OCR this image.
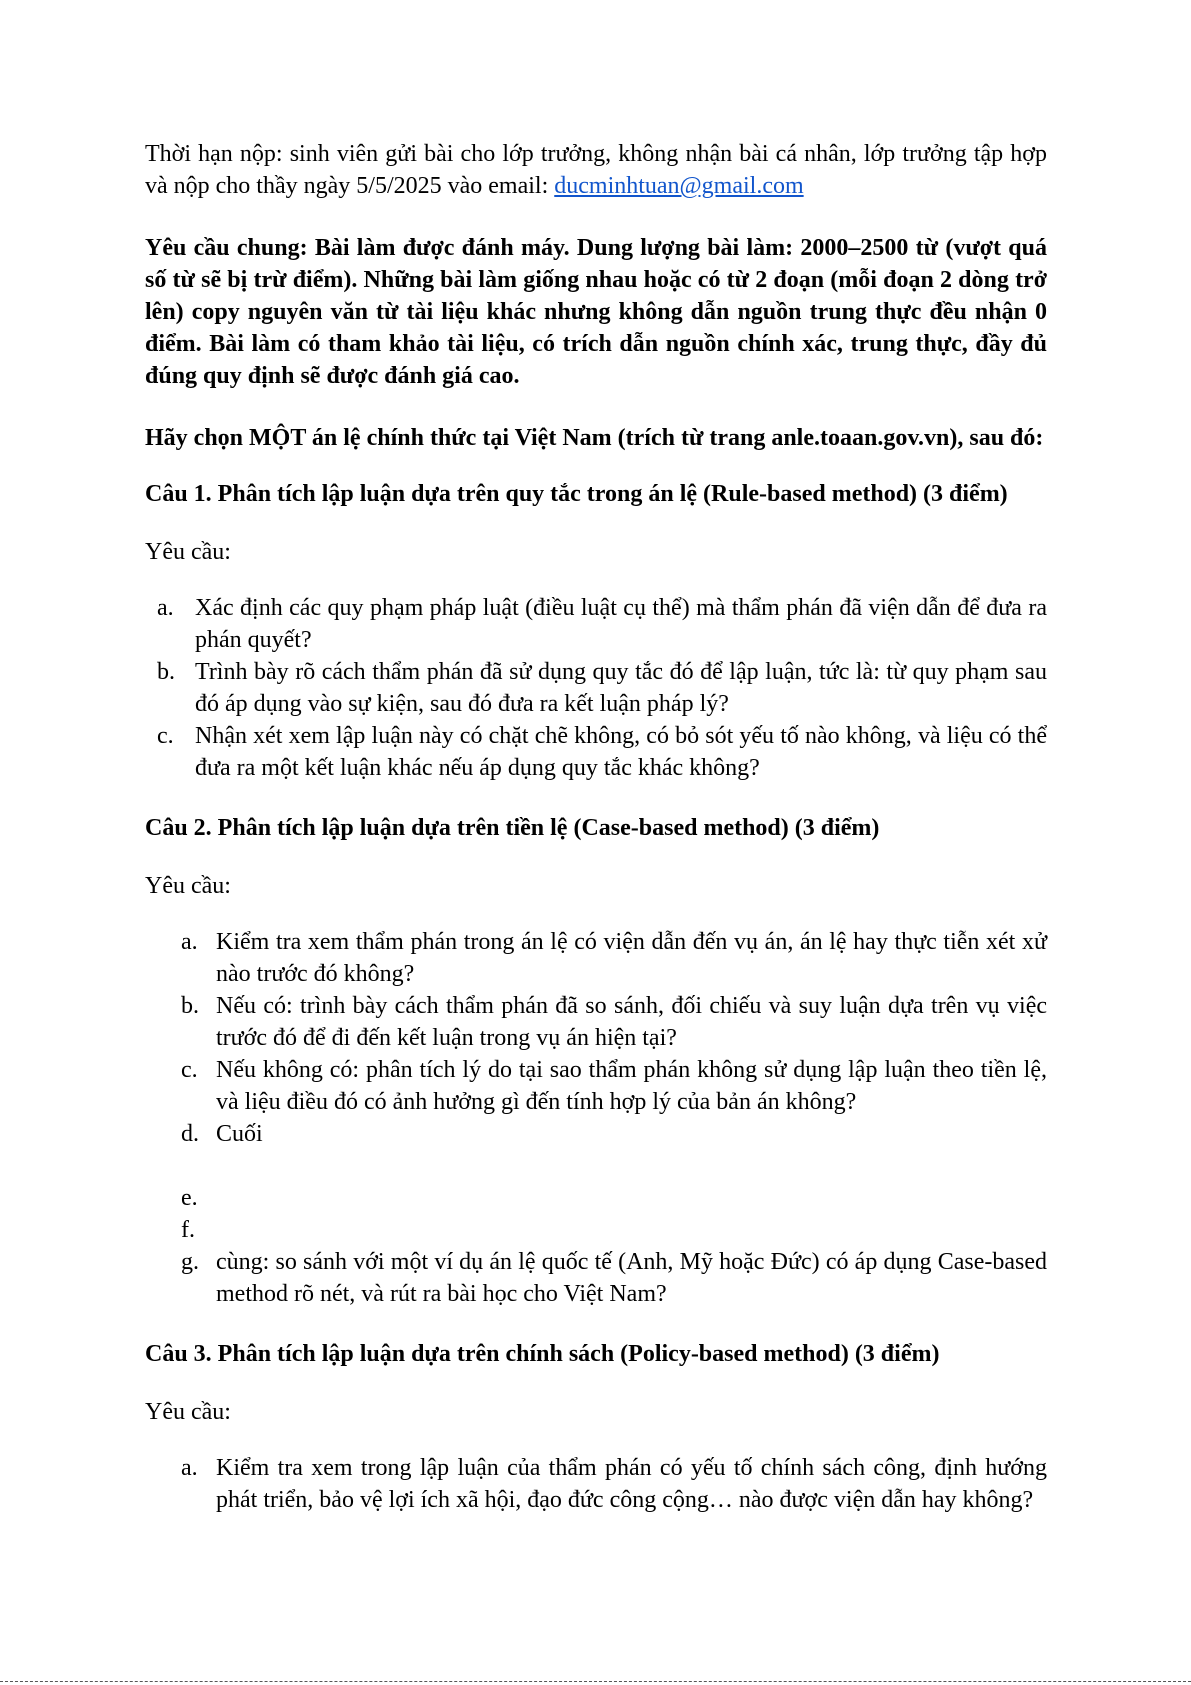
Thời hạn nộp: sinh viên gửi bài cho lớp trưởng, không nhận bài cá nhân, lớp trưởng tập hợp và nộp cho thầy ngày 5/5/2025 vào email: ducminhtuan@gmail.com

Yêu cầu chung: Bài làm được đánh máy. Dung lượng bài làm: 2000–2500 từ (vượt quá số từ sẽ bị trừ điểm). Những bài làm giống nhau hoặc có từ 2 đoạn (mỗi đoạn 2 dòng trở lên) copy nguyên văn từ tài liệu khác nhưng không dẫn nguồn trung thực đều nhận 0 điểm. Bài làm có tham khảo tài liệu, có trích dẫn nguồn chính xác, trung thực, đầy đủ đúng quy định sẽ được đánh giá cao.

Hãy chọn MỘT án lệ chính thức tại Việt Nam (trích từ trang anle.toaan.gov.vn), sau đó:

Câu 1. Phân tích lập luận dựa trên quy tắc trong án lệ (Rule-based method) (3 điểm)

Yêu cầu:

a. Xác định các quy phạm pháp luật (điều luật cụ thể) mà thẩm phán đã viện dẫn để đưa ra phán quyết?
b. Trình bày rõ cách thẩm phán đã sử dụng quy tắc đó để lập luận, tức là: từ quy phạm sau đó áp dụng vào sự kiện, sau đó đưa ra kết luận pháp lý?
c. Nhận xét xem lập luận này có chặt chẽ không, có bỏ sót yếu tố nào không, và liệu có thể đưa ra một kết luận khác nếu áp dụng quy tắc khác không?

Câu 2. Phân tích lập luận dựa trên tiền lệ (Case-based method) (3 điểm)

Yêu cầu:

a. Kiểm tra xem thẩm phán trong án lệ có viện dẫn đến vụ án, án lệ hay thực tiễn xét xử nào trước đó không?
b. Nếu có: trình bày cách thẩm phán đã so sánh, đối chiếu và suy luận dựa trên vụ việc trước đó để đi đến kết luận trong vụ án hiện tại?
c. Nếu không có: phân tích lý do tại sao thẩm phán không sử dụng lập luận theo tiền lệ, và liệu điều đó có ảnh hưởng gì đến tính hợp lý của bản án không?
d. Cuối
e.
f.
g. cùng: so sánh với một ví dụ án lệ quốc tế (Anh, Mỹ hoặc Đức) có áp dụng Case-based method rõ nét, và rút ra bài học cho Việt Nam?

Câu 3. Phân tích lập luận dựa trên chính sách (Policy-based method) (3 điểm)

Yêu cầu:

a. Kiểm tra xem trong lập luận của thẩm phán có yếu tố chính sách công, định hướng phát triển, bảo vệ lợi ích xã hội, đạo đức công cộng… nào được viện dẫn hay không?
